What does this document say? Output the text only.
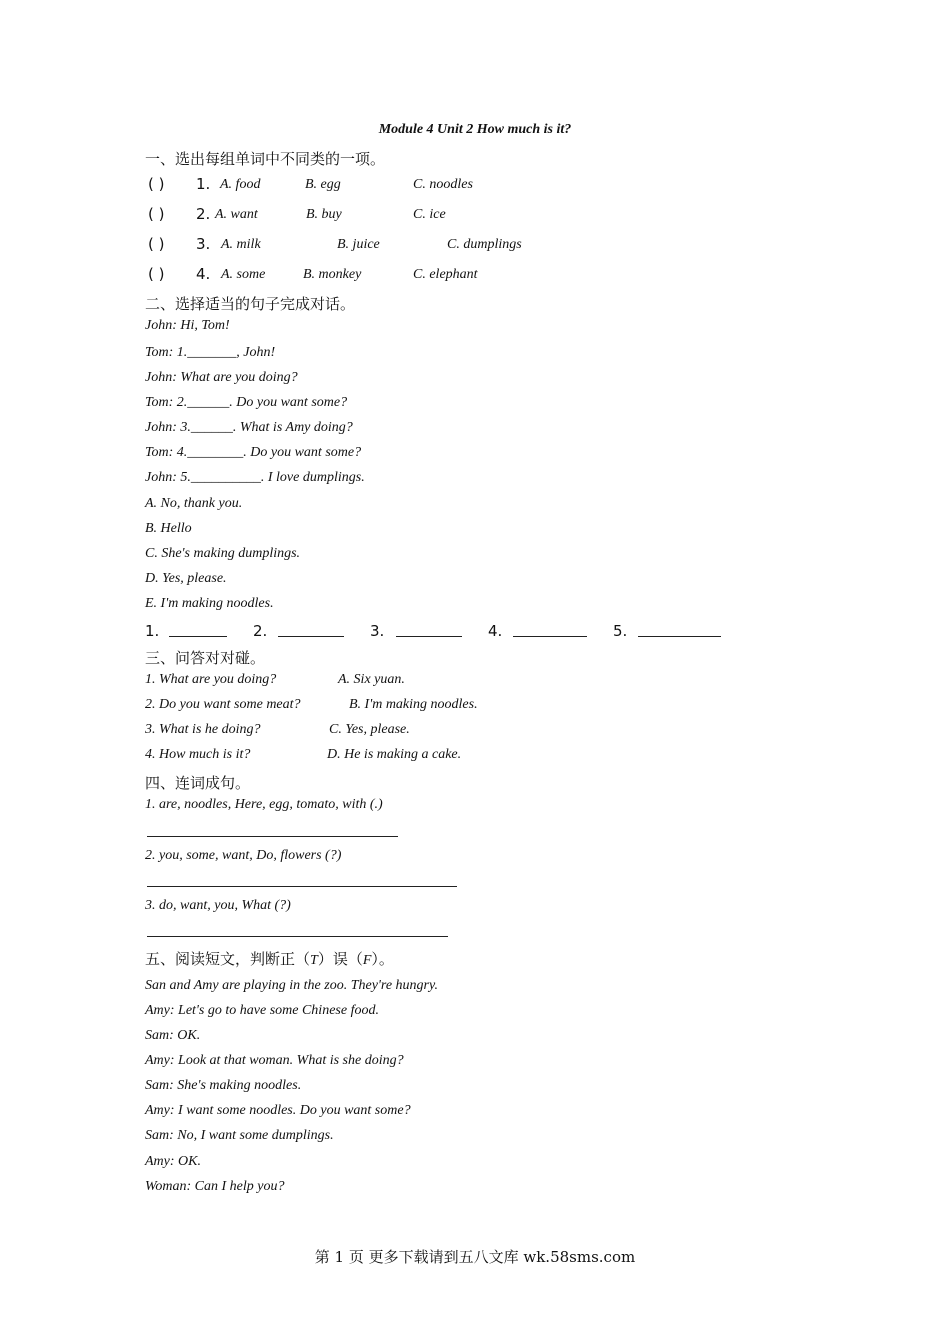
Module 4 Unit 2 How much is it?
一、选出每组单词中不同类的一项。
( ) 1. A. food	B. egg	C. noodles
( ) 2. A. want	B. buy	C. ice
( ) 3. A. milk	B. juice	C. dumplings
( ) 4. A. some	B. monkey	C. elephant
二、选择适当的句子完成对话。
John: Hi, Tom!
Tom: 1._______, John!
John: What are you doing?
Tom: 2.______. Do you want some?
John: 3.______. What is Amy doing?
Tom: 4.________. Do you want some?
John: 5.__________. I love dumplings.
A. No, thank you.
B. Hello
C. She's making dumplings.
D. Yes, please.
E. I'm making noodles.
1.	2.	3.	4.	5.
三、问答对对碰。
1. What are you doing?	A. Six yuan.
2. Do you want some meat?	B. I'm making noodles.
3. What is he doing?	C. Yes, please.
4. How much is it?	D. He is making a cake.
四、连词成句。
1. are, noodles, Here, egg, tomato, with (.)
2. you, some, want, Do, flowers (?)
3. do, want, you, What (?)
五、阅读短文，判断正（T）误（F）。
San and Amy are playing in the zoo. They're hungry.
Amy: Let's go to have some Chinese food.
Sam: OK.
Amy: Look at that woman. What is she doing?
Sam: She's making noodles.
Amy: I want some noodles. Do you want some?
Sam: No, I want some dumplings.
Amy: OK.
Woman: Can I help you?
第 1 页 更多下载请到五八文库 wk.58sms.com
